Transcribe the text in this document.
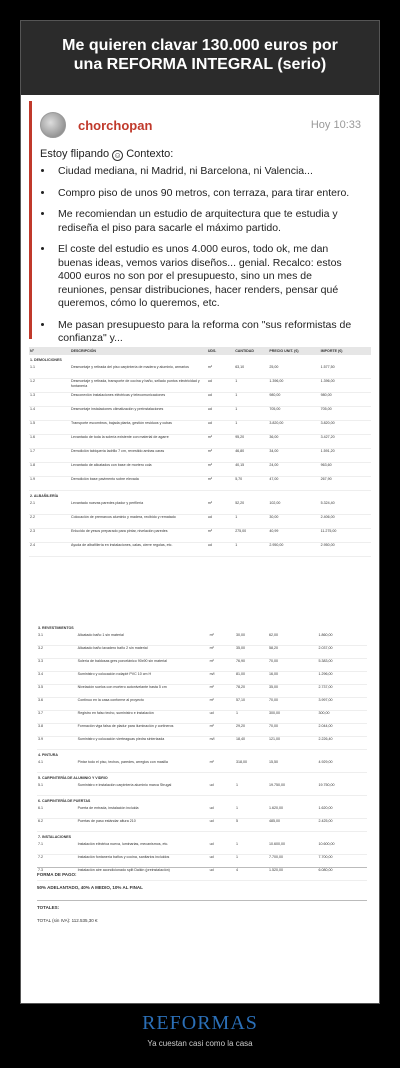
Me quieren clavar 130.000 euros por una REFORMA INTEGRAL (serio)
chorchopan	Hoy 10:33
Estoy flipando ☺ Contexto:
• Ciudad mediana, ni Madrid, ni Barcelona, ni Valencia...
• Compro piso de unos 90 metros, con terraza, para tirar entero.
• Me recomiendan un estudio de arquitectura que te estudia y rediseña el piso para sacarle el máximo partido.
• El coste del estudio es unos 4.000 euros, todo ok, me dan buenas ideas, vemos varios diseños... genial. Recalco: estos 4000 euros no son por el presupuesto, sino un mes de reuniones, pensar distribuciones, hacer renders, pensar qué queremos, cómo lo queremos, etc.
• Me pasan presupuesto para la reforma con "sus reformistas de confianza" y...
Nº	DESCRIPCIÓN	UDS.	CANTIDAD	PRECIO UNIT. (€)	IMPORTE (€)
1. DEMOLICIONES					
1.1	Desmontaje y retirada del piso carpintería de madera y aluminio, armarios	m²	63,10	25,00	1.577,50
1.2	Desmontaje y retirada, transporte de cocina y baño, sellado puntos electricidad y fontanería	ud	1	1.396,00	1.396,00
1.3	Desconexión instalaciones eléctricas y telecomunicaciones	ud	1	980,00	980,00
1.4	Desmontaje instalaciones climatización y preinstalaciones	ud	1	705,00	705,00
1.5	Transporte escombros, bajada planta, gestión residuos y cubas	ud	1	3.820,00	3.820,00
1.6	Levantado de toda la solería existente con material de agarre	m²	95,20	36,00	3.427,20
1.7	Demolición tabiquería ladrillo 7 cm, revestido ambas caras	m²	46,80	34,00	1.591,20
1.8	Levantado de alicatados con base de mortero cola	m²	40,15	24,00	963,60
1.9	Demolición base pavimento sobre elevada	m²	5,70	47,00	267,90
2. ALBAÑILERÍA					
2.1	Levantado nuevas paredes pladur y perfilería	m²	52,20	102,00	5.324,40
2.2	Colocación de premarcos aluminio y madera, recibido y rematado	ud	1	30,00	2.406,00
2.3	Enlucido de yesos preparado para pintar, nivelación paredes	m²	275,00	40,99	11.275,00
2.4	Ayuda de albañilería en instalaciones, calas, cierre regolas, etc.	ud	1	2.950,00	2.950,00
3. REVESTIMIENTOS					
3.1	Alicatado baño 1 sin material	m²	30,00	62,00	1.860,00
3.2	Alicatado baño lavadero baño 2 sin material	m²	35,00	58,20	2.037,00
3.3	Solería de baldosas gres porcelánico 90x90 sin material	m²	76,90	70,00	5.383,00
3.4	Suministro y colocación rodapié PVC 10 cm H	m/l	81,00	16,00	1.296,00
3.5	Nivelación suelos con mortero autonivelante hasta 5 cm	m²	78,20	35,00	2.737,00
3.6	Continuo en la casa conforme al proyecto	m²	57,10	70,00	3.997,00
3.7	Registro en falso techo, suministro e instalación	ud	1	300,00	300,00
3.8	Formación viga falsa de pladur para iluminación y cortineros	m²	29,20	70,00	2.044,00
3.9	Suministro y colocación vierteaguas piedra sinterizada	m/l	18,40	121,00	2.226,40
4. PINTURA					
4.1	Pintar todo el piso, techos, paredes, arreglos con masilla	m²	318,00	15,50	4.929,00
5. CARPINTERÍA DE ALUMINIO Y VIDRIO					
5.1	Suministro e instalación carpintería aluminio marca Strugal	ud	1	19.750,00	19.750,00
6. CARPINTERÍA DE PUERTAS					
6.1	Puerta de entrada, instalación incluida	ud	1	1.620,00	1.620,00
6.2	Puertas de paso estándar altura 210	ud	5	485,00	2.425,00
7. INSTALACIONES					
7.1	Instalación eléctrica nueva, luminarias, mecanismos, etc.	ud	1	10.600,00	10.600,00
7.2	Instalación fontanería baños y cocina, sanitarios incluidos	ud	1	7.700,00	7.700,00
7.3	Instalación aire acondicionado split Daikin (preinstalación)	ud	4	1.520,00	6.080,00
FORMA DE PAGO:
50% ADELANTADO, 40% A MEDIO, 10% AL FINAL
TOTALES:
TOTAL (sin IVA): 112.535,30 €
REFORMAS
Ya cuestan casi como la casa
